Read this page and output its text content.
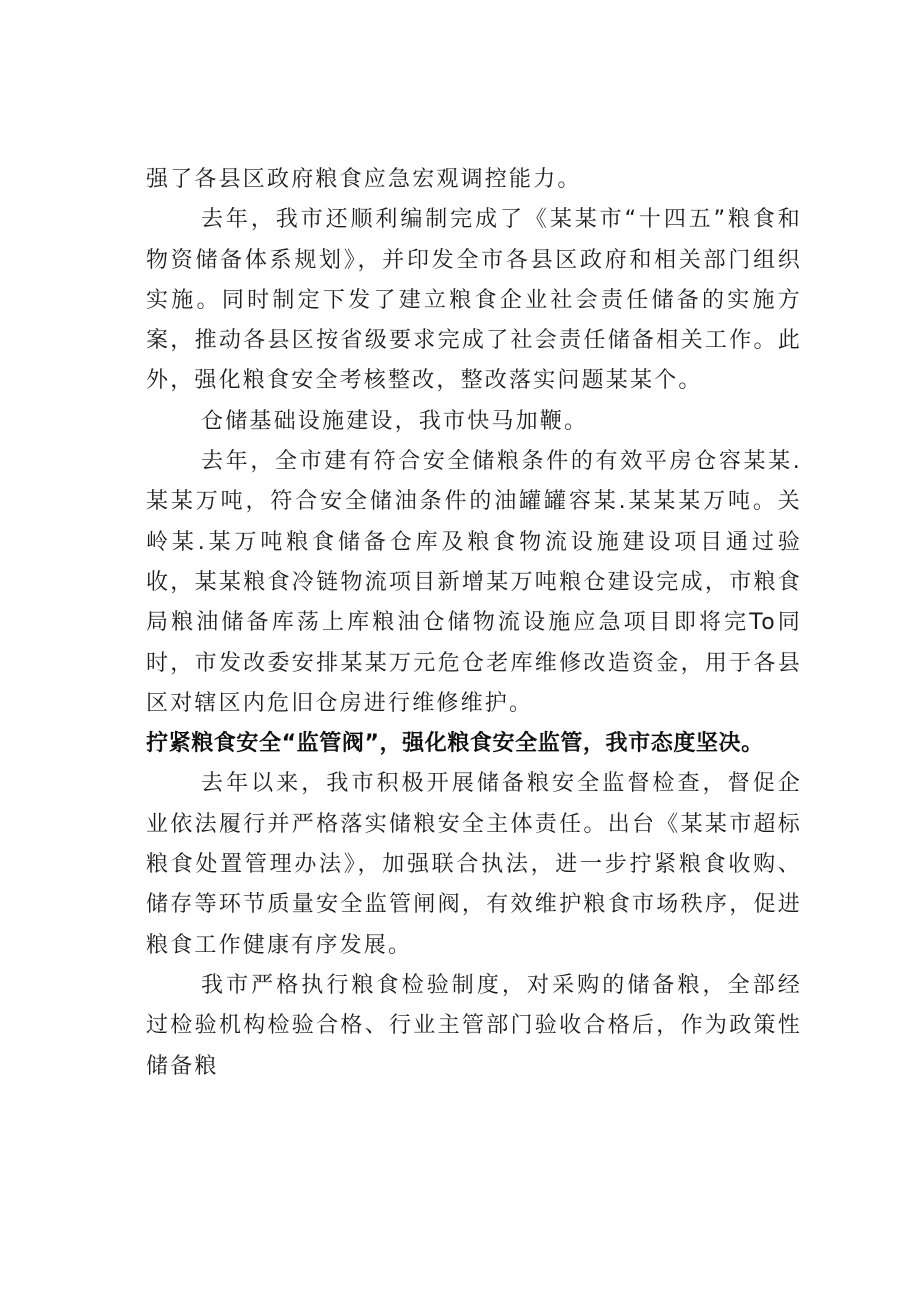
强了各县区政府粮食应急宏观调控能力。

去年，我市还顺利编制完成了《某某市“十四五”粮食和物资储备体系规划》，并印发全市各县区政府和相关部门组织实施。同时制定下发了建立粮食企业社会责任储备的实施方案，推动各县区按省级要求完成了社会责任储备相关工作。此外，强化粮食安全考核整改，整改落实问题某某个。

仓储基础设施建设，我市快马加鞭。

去年，全市建有符合安全储粮条件的有效平房仓容某某.某某万吨，符合安全储油条件的油罐罐容某.某某某万吨。关岭某.某万吨粮食储备仓库及粮食物流设施建设项目通过验收，某某粮食冷链物流项目新增某万吨粮仓建设完成，市粮食局粮油储备库荡上库粮油仓储物流设施应急项目即将完To同时，市发改委安排某某万元危仓老库维修改造资金，用于各县区对辖区内危旧仓房进行维修维护。

拧紧粮食安全“监管阀”，强化粮食安全监管，我市态度坚决。

去年以来，我市积极开展储备粮安全监督检查，督促企业依法履行并严格落实储粮安全主体责任。出台《某某市超标粮食处置管理办法》，加强联合执法，进一步拧紧粮食收购、储存等环节质量安全监管闸阀，有效维护粮食市场秩序，促进粮食工作健康有序发展。

我市严格执行粮食检验制度，对采购的储备粮，全部经过检验机构检验合格、行业主管部门验收合格后，作为政策性储备粮
